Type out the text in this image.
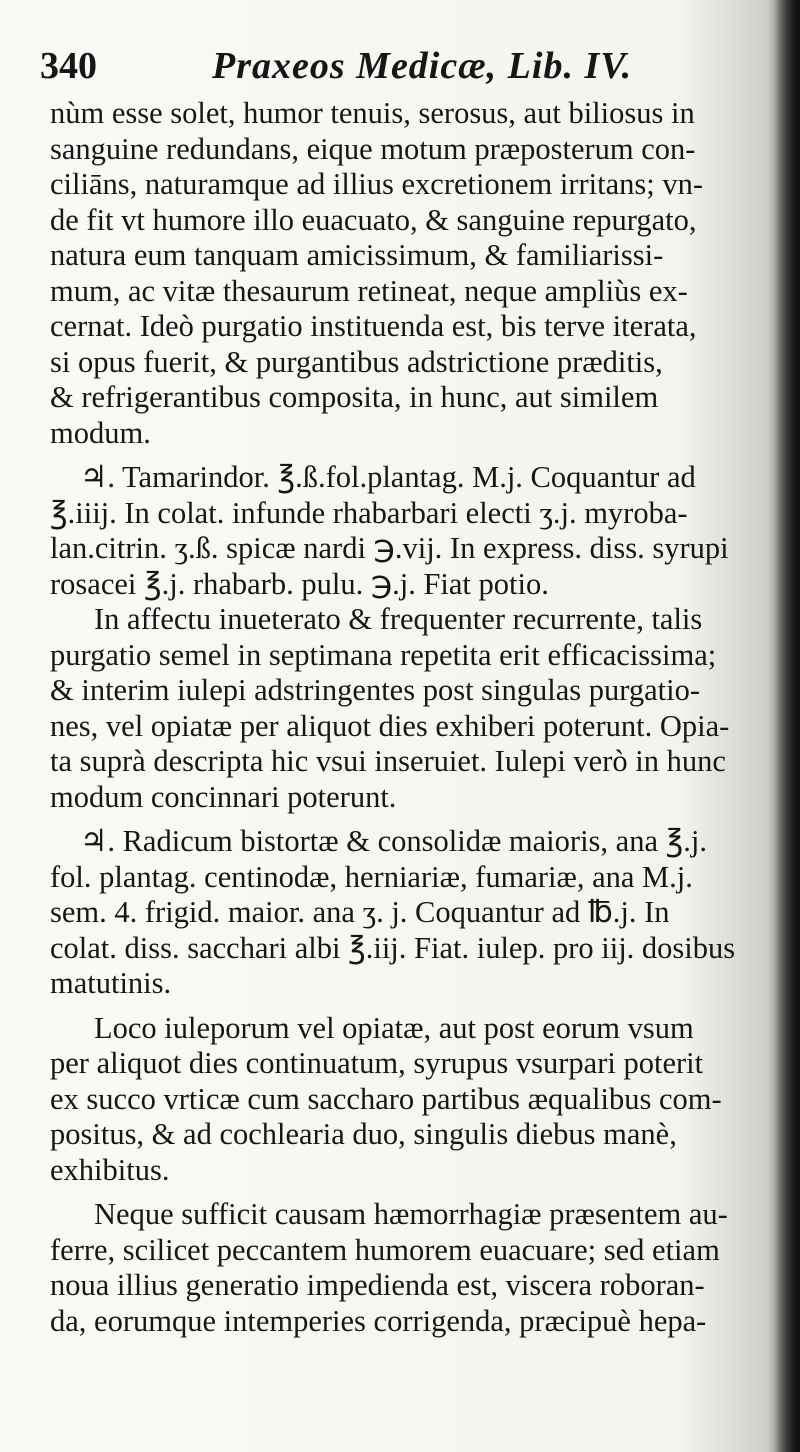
340	Praxeos Medicæ, Lib. IV.
nùm esse solet, humor tenuis, serosus, aut biliosus in
sanguine redundans, eique motum præposterum con-
ciliāns, naturamque ad illius excretionem irritans; vn-
de fit vt humore illo euacuato, & sanguine repurgato,
natura eum tanquam amicissimum, & familiarissi-
mum, ac vitæ thesaurum retineat, neque ampliùs ex-
cernat. Ideò purgatio instituenda est, bis terve iterata,
si opus fuerit, & purgantibus adstrictione præditis,
& refrigerantibus composita, in hunc, aut similem
modum.
♃. Tamarindor. ℥.ß.fol.plantag. M.j. Coquantur ad
℥.iiij. In colat. infunde rhabarbari electi ʒ.j. myroba-
lan.citrin. ʒ.ß. spicæ nardi ℈.vij. In express. diss. syrupi
rosacei ℥.j. rhabarb. pulu. ℈.j. Fiat potio.
In affectu inueterato & frequenter recurrente, talis
purgatio semel in septimana repetita erit efficacissima;
& interim iulepi adstringentes post singulas purgatio-
nes, vel opiatæ per aliquot dies exhiberi poterunt. Opia-
ta suprà descripta hic vsui inseruiet. Iulepi verò in hunc
modum concinnari poterunt.
♃. Radicum bistortæ & consolidæ maioris, ana ℥.j.
fol. plantag. centinodæ, herniariæ, fumariæ, ana M.j.
sem. 4. frigid. maior. ana ʒ. j. Coquantur ad ℔.j. In
colat. diss. sacchari albi ℥.iij. Fiat. iulep. pro iij. dosibus
matutinis.
Loco iuleporum vel opiatæ, aut post eorum vsum
per aliquot dies continuatum, syrupus vsurpari poterit
ex succo vrticæ cum saccharo partibus æqualibus com-
positus, & ad cochlearia duo, singulis diebus manè,
exhibitus.
Neque sufficit causam hæmorrhagiæ præsentem au-
ferre, scilicet peccantem humorem euacuare; sed etiam
noua illius generatio impedienda est, viscera roboran-
da, eorumque intemperies corrigenda, præcipuè hepa-
